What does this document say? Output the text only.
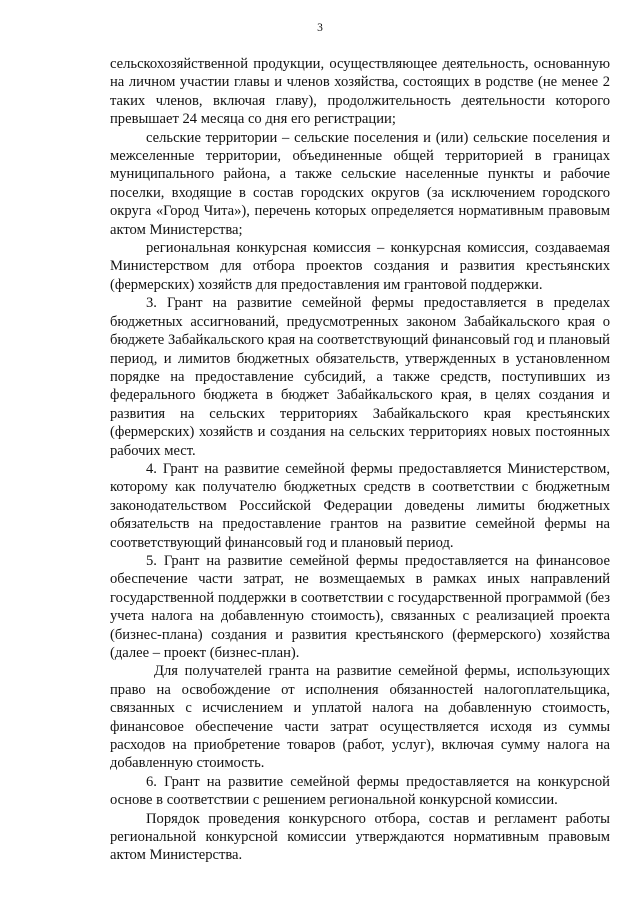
3

сельскохозяйственной продукции, осуществляющее деятельность, основанную на личном участии главы и членов хозяйства, состоящих в родстве (не менее 2 таких членов, включая главу), продолжительность деятельности которого превышает 24 месяца со дня его регистрации;

сельские территории – сельские поселения и (или) сельские поселения и межселенные территории, объединенные общей территорией в границах муниципального района, а также сельские населенные пункты и рабочие поселки, входящие в состав городских округов (за исключением городского округа «Город Чита»), перечень которых определяется нормативным правовым актом Министерства;

региональная конкурсная комиссия – конкурсная комиссия, создаваемая Министерством для отбора проектов создания и развития крестьянских (фермерских) хозяйств для предоставления им грантовой поддержки.

3. Грант на развитие семейной фермы предоставляется в пределах бюджетных ассигнований, предусмотренных законом Забайкальского края о бюджете Забайкальского края на соответствующий финансовый год и плановый период, и лимитов бюджетных обязательств, утвержденных в установленном порядке на предоставление субсидий, а также средств, поступивших из федерального бюджета в бюджет Забайкальского края, в целях создания и развития на сельских территориях Забайкальского края крестьянских (фермерских) хозяйств и создания на сельских территориях новых постоянных рабочих мест.

4. Грант на развитие семейной фермы предоставляется Министерством, которому как получателю бюджетных средств в соответствии с бюджетным законодательством Российской Федерации доведены лимиты бюджетных обязательств на предоставление грантов на развитие семейной фермы на соответствующий финансовый год и плановый период.

5. Грант на развитие семейной фермы предоставляется на финансовое обеспечение части затрат, не возмещаемых в рамках иных направлений государственной поддержки в соответствии с государственной программой (без учета налога на добавленную стоимость), связанных с реализацией проекта (бизнес-плана) создания и развития крестьянского (фермерского) хозяйства (далее – проект (бизнес-план).

Для получателей гранта на развитие семейной фермы, использующих право на освобождение от исполнения обязанностей налогоплательщика, связанных с исчислением и уплатой налога на добавленную стоимость, финансовое обеспечение части затрат осуществляется исходя из суммы расходов на приобретение товаров (работ, услуг), включая сумму налога на добавленную стоимость.

6. Грант на развитие семейной фермы предоставляется на конкурсной основе в соответствии с решением региональной конкурсной комиссии.

Порядок проведения конкурсного отбора, состав и регламент работы региональной конкурсной комиссии утверждаются нормативным правовым актом Министерства.
